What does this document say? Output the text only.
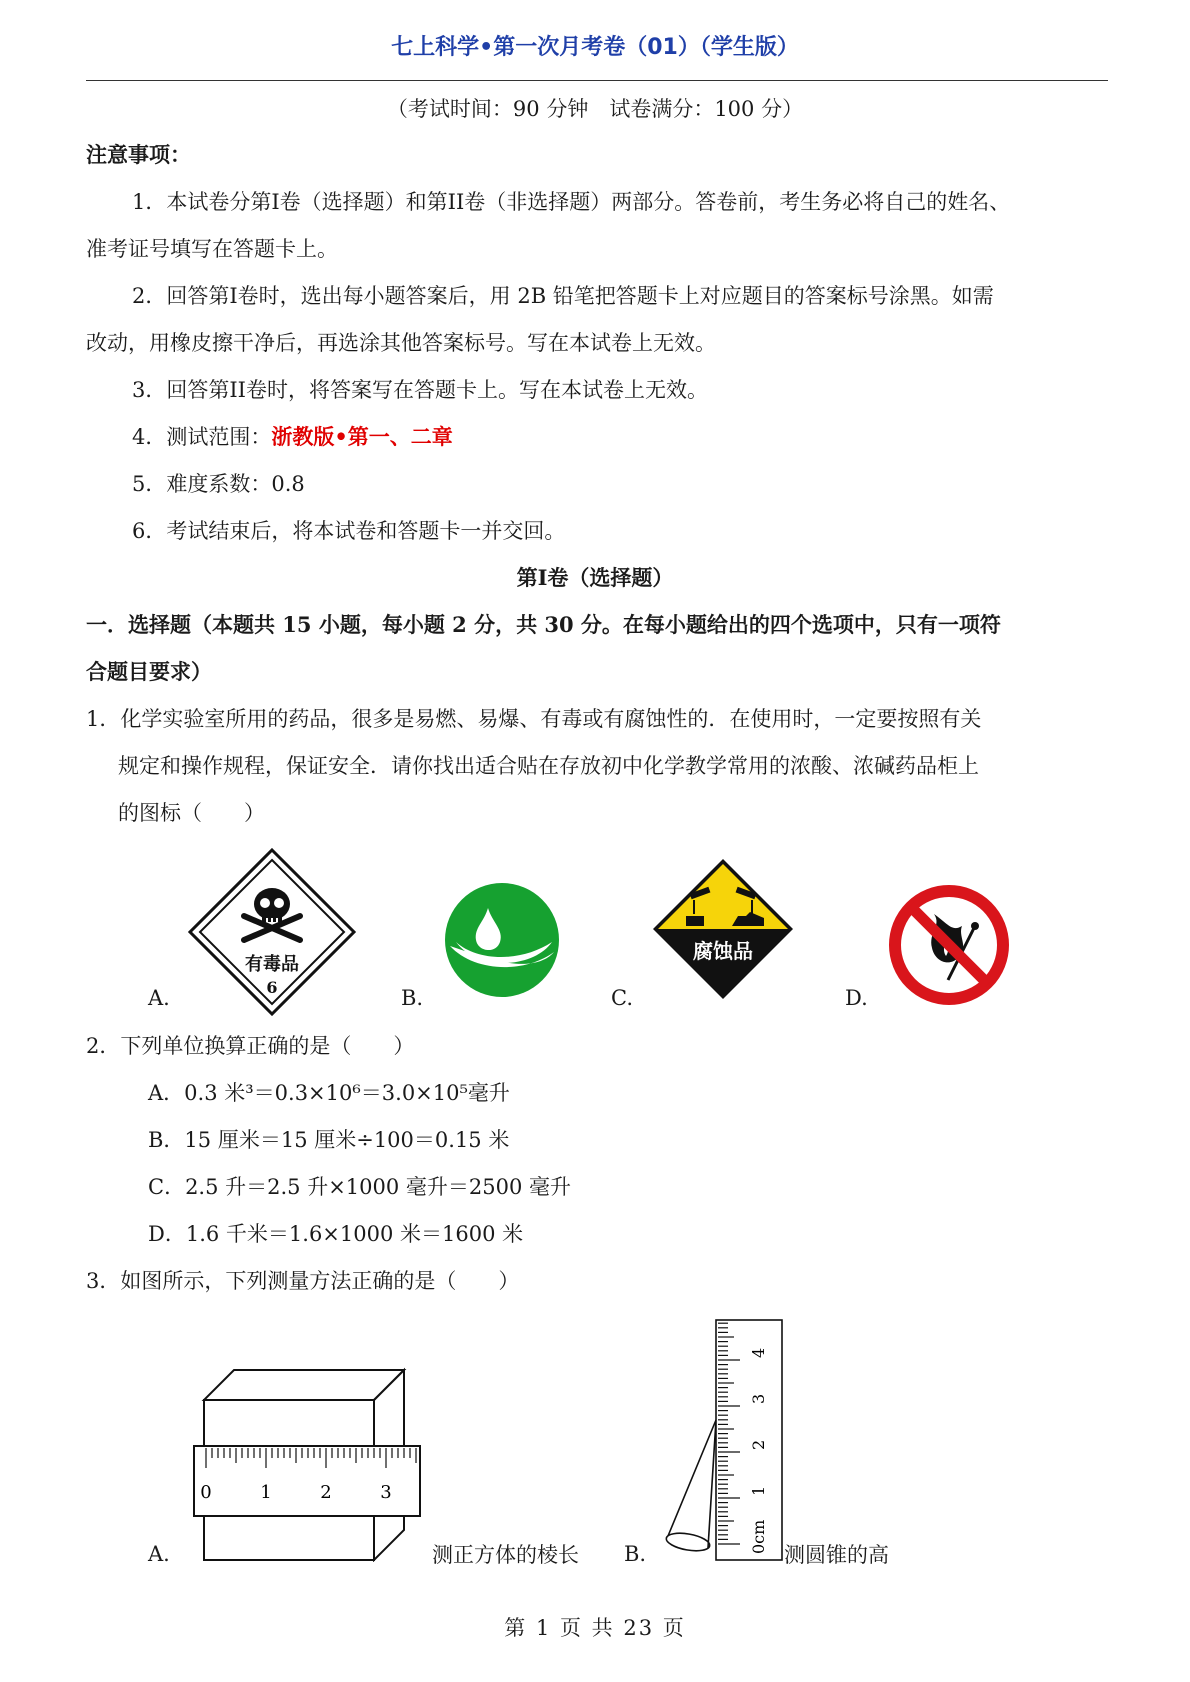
七上科学•第一次月考卷（01）（学生版）
（考试时间：90 分钟　试卷满分：100 分）
注意事项：
1．本试卷分第I卷（选择题）和第II卷（非选择题）两部分。答卷前，考生务必将自己的姓名、
准考证号填写在答题卡上。
2．回答第I卷时，选出每小题答案后，用 2B 铅笔把答题卡上对应题目的答案标号涂黑。如需
改动，用橡皮擦干净后，再选涂其他答案标号。写在本试卷上无效。
3．回答第II卷时，将答案写在答题卡上。写在本试卷上无效。
4．测试范围：浙教版•第一、二章
5．难度系数：0.8
6．考试结束后，将本试卷和答题卡一并交回。
第I卷（选择题）
一．选择题（本题共 15 小题，每小题 2 分，共 30 分。在每小题给出的四个选项中，只有一项符
合题目要求）
1．化学实验室所用的药品，很多是易燃、易爆、有毒或有腐蚀性的．在使用时，一定要按照有关
规定和操作规程，保证安全．请你找出适合贴在存放初中化学教学常用的浓酸、浓碱药品柜上
的图标（　　）
A.
有毒品
6	B.	C.
腐蚀品
D.
2．下列单位换算正确的是（　　）
A．0.3 米³＝0.3×10⁶＝3.0×10⁵毫升
B．15 厘米＝15 厘米÷100＝0.15 米
C．2.5 升＝2.5 升×1000 毫升＝2500 毫升
D．1.6 千米＝1.6×1000 米＝1600 米
3．如图所示，下列测量方法正确的是（　　）
A.
0	1	2	3
测正方体的棱长 B.	0cm
1
2
3
4
测圆锥的高
第 1 页 共 23 页
